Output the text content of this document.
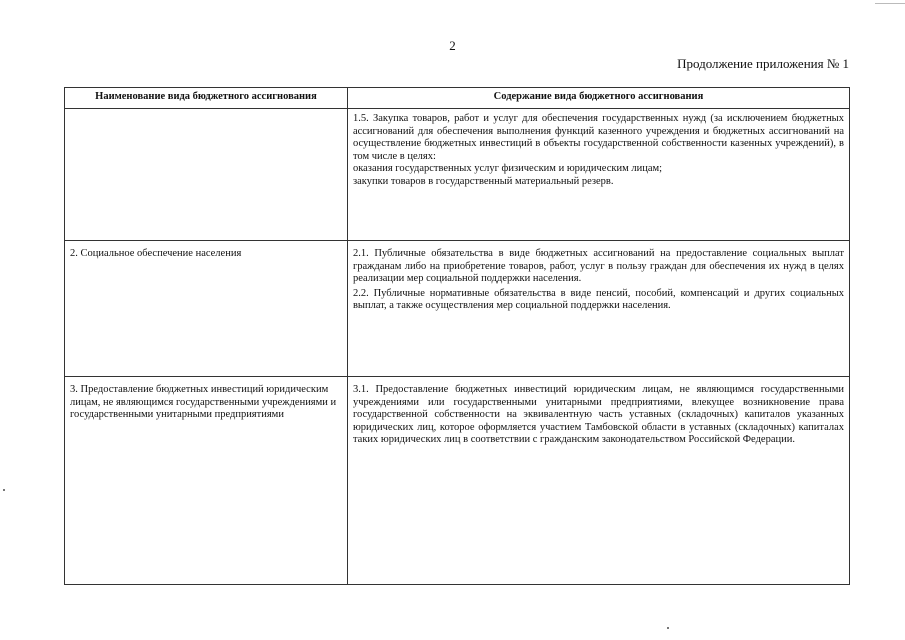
2
Продолжение приложения № 1
Наименование вида бюджетного ассигнования	Содержание вида бюджетного ассигнования

	1.5. Закупка товаров, работ и услуг для обеспечения государственных нужд (за исключением бюджетных ассигнований для обеспечения выполнения функций казенного учреждения и бюджетных ассигнований на осуществление бюджетных инвестиций в объекты государственной собственности казенных учреждений), в том числе в целях:

оказания государственных услуг физическим и юридическим лицам;

закупки товаров в государственный материальный резерв.

2. Социальное обеспечение населения	2.1. Публичные обязательства в виде бюджетных ассигнований на предоставление социальных выплат гражданам либо на приобретение товаров, работ, услуг в пользу граждан для обеспечения их нужд в целях реализации мер социальной поддержки населения.

2.2. Публичные нормативные обязательства в виде пенсий, пособий, компенсаций и других социальных выплат, а также осуществления мер социальной поддержки населения.

3. Предоставление бюджетных инвестиций юридическим лицам, не являющимся государственными учреждениями и государственными унитарными предприятиями	3.1. Предоставление бюджетных инвестиций юридическим лицам, не являющимся государственными учреждениями или государственными унитарными предприятиями, влекущее возникновение права государственной собственности на эквивалентную часть уставных (складочных) капиталов указанных юридических лиц, которое оформляется участием Тамбовской области в уставных (складочных) капиталах таких юридических лиц в соответствии с гражданским законодательством Российской Федерации.
